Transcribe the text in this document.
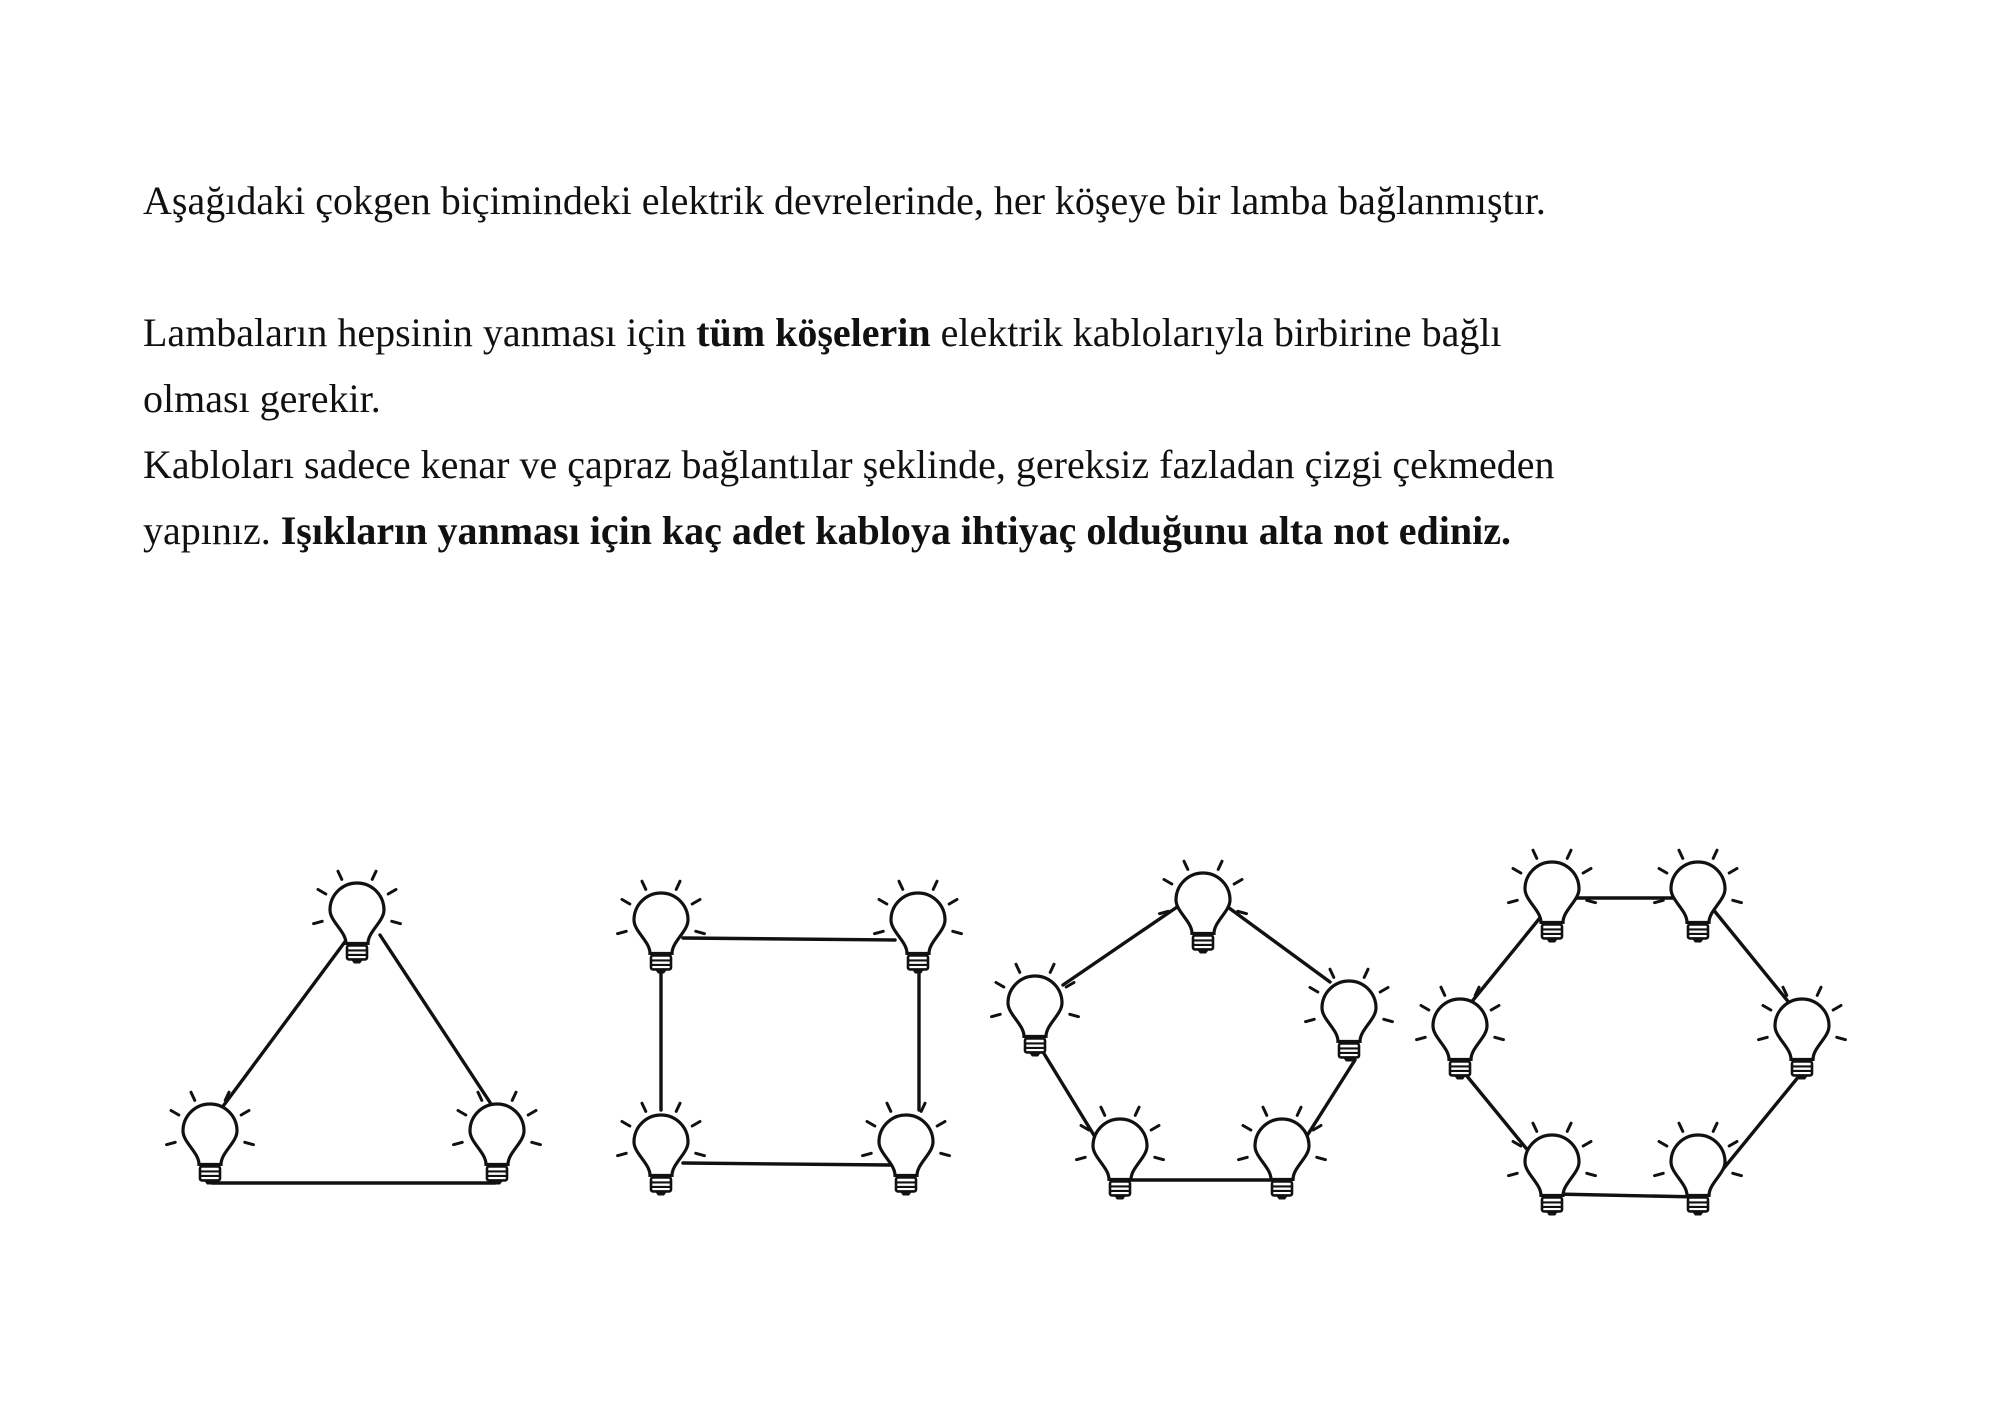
Aşağıdaki çokgen biçimindeki elektrik devrelerinde, her köşeye bir lamba bağlanmıştır.

Lambaların hepsinin yanması için tüm köşelerin elektrik kablolarıyla birbirine bağlı
olması gerekir.

Kabloları sadece kenar ve çapraz bağlantılar şeklinde, gereksiz fazladan çizgi çekmeden
yapınız. Işıkların yanması için kaç adet kabloya ihtiyaç olduğunu alta not ediniz.
